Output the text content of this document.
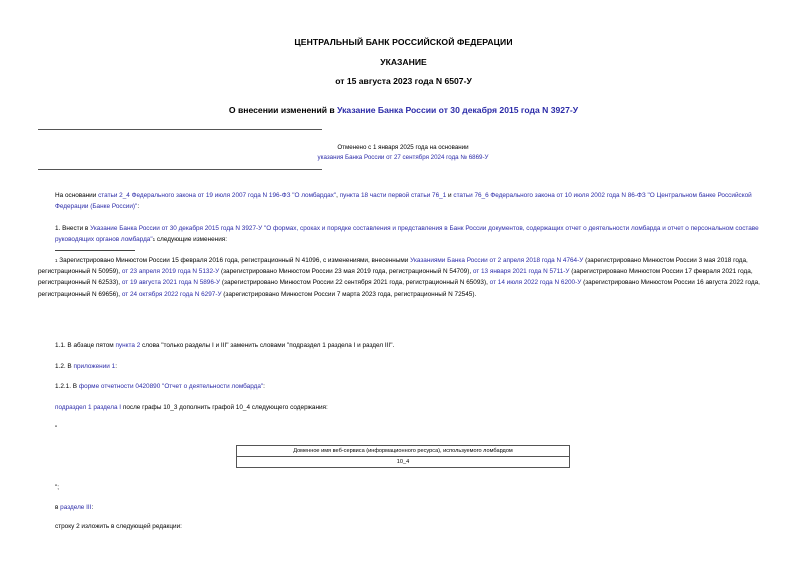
ЦЕНТРАЛЬНЫЙ БАНК РОССИЙСКОЙ ФЕДЕРАЦИИ
УКАЗАНИЕ
от 15 августа 2023 года N 6507-У
О внесении изменений в Указание Банка России от 30 декабря 2015 года N 3927-У
Отменено с 1 января 2025 года на основании
указания Банка России от 27 сентября 2024 года № 6869-У
На основании статьи 2_4 Федерального закона от 19 июля 2007 года N 196-ФЗ "О ломбардах", пункта 18 части первой статьи 76_1 и статьи 76_6 Федерального закона от 10 июля 2002 года N 86-ФЗ "О Центральном банке Российской Федерации (Банке России)":
1. Внести в Указание Банка России от 30 декабря 2015 года N 3927-У "О формах, сроках и порядке составления и представления в Банк России документов, содержащих отчет о деятельности ломбарда и отчет о персональном составе руководящих органов ломбарда"$^1$ следующие изменения:
$^1$ Зарегистрировано Минюстом России 15 февраля 2016 года, регистрационный N 41096, с изменениями, внесенными Указаниями Банка России от 2 апреля 2018 года N 4764-У (зарегистрировано Минюстом России 3 мая 2018 года, регистрационный N 50959), от 23 апреля 2019 года N 5132-У (зарегистрировано Минюстом России 23 мая 2019 года, регистрационный N 54709), от 13 января 2021 года N 5711-У (зарегистрировано Минюстом России 17 февраля 2021 года, регистрационный N 62533), от 19 августа 2021 года N 5896-У (зарегистрировано Минюстом России 22 сентября 2021 года, регистрационный N 65093), от 14 июля 2022 года N 6200-У (зарегистрировано Минюстом России 16 августа 2022 года, регистрационный N 69656), от 24 октября 2022 года N 6297-У (зарегистрировано Минюстом России 7 марта 2023 года, регистрационный N 72545).
1.1. В абзаце пятом пункта 2 слова "только разделы I и III" заменить словами "подраздел 1 раздела I и раздел III".
1.2. В приложении 1:
1.2.1. В форме отчетности 0420890 "Отчет о деятельности ломбарда":
подраздел 1 раздела I после графы 10_3 дополнить графой 10_4 следующего содержания:
"
Доменное имя веб-сервиса (информационного ресурса), используемого ломбардом
10_4
";
в разделе III:
строку 2 изложить в следующей редакции:
